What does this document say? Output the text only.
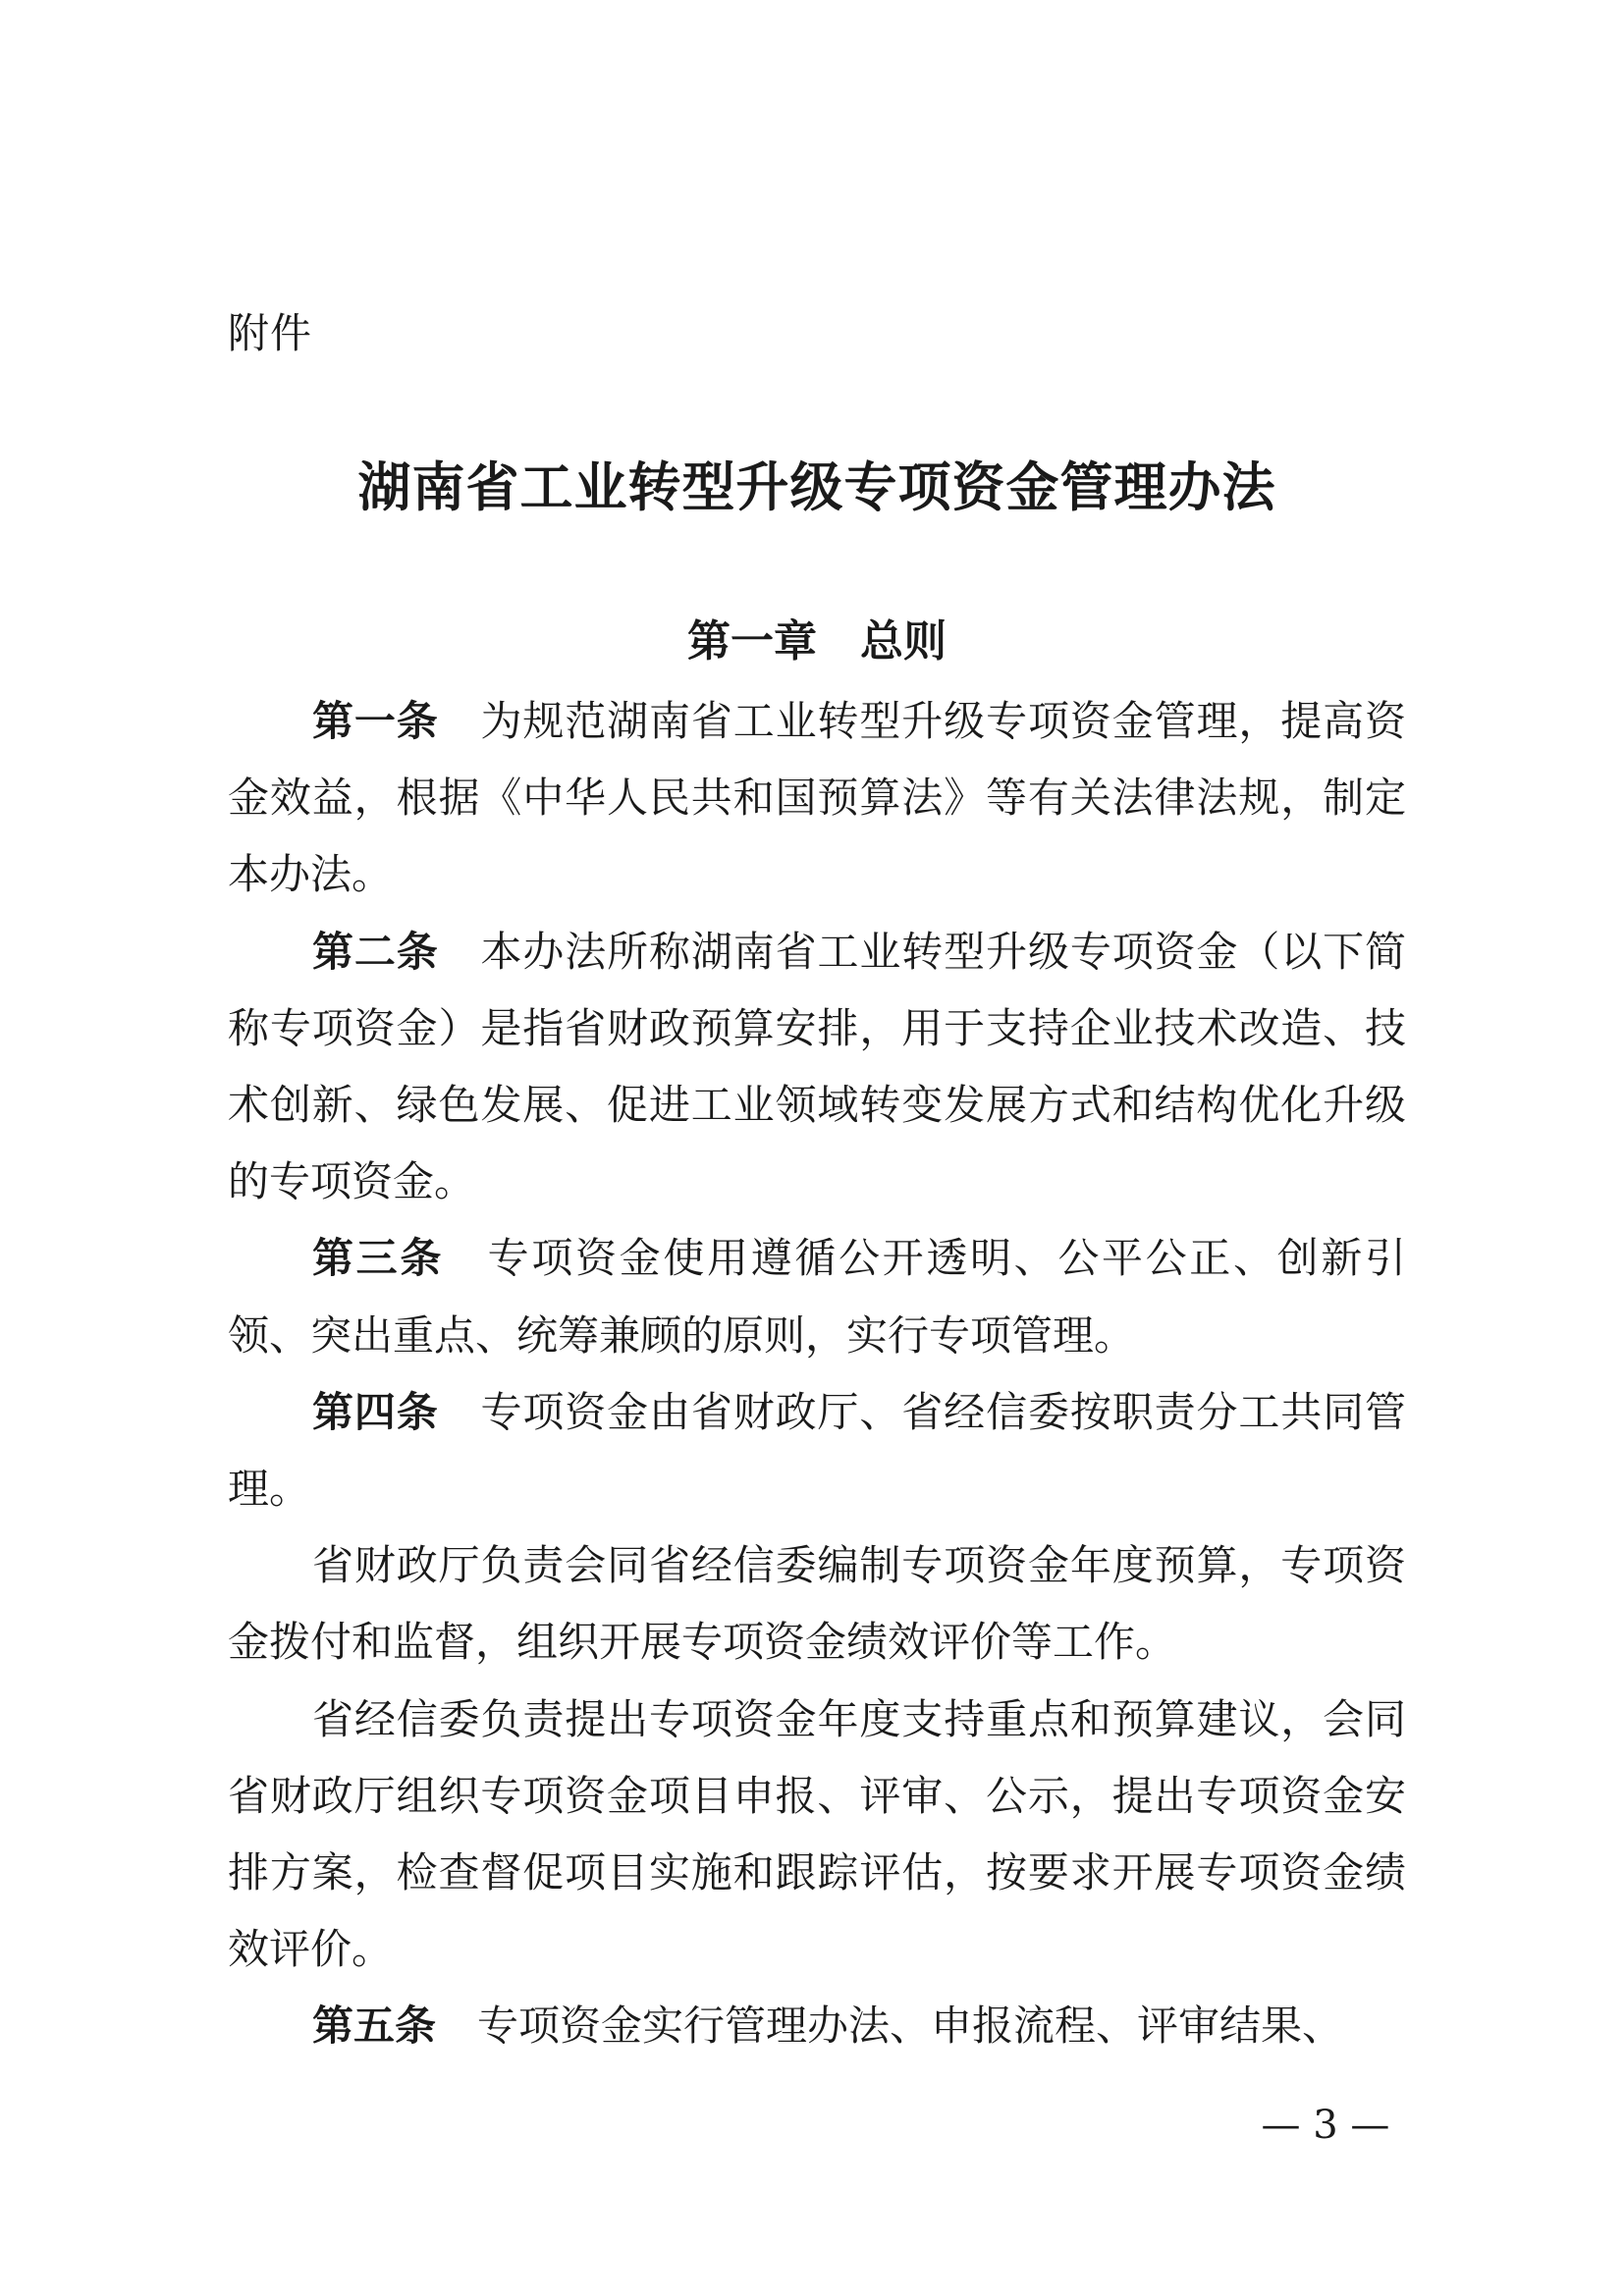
附件
湖南省工业转型升级专项资金管理办法
第一章 总则

第一条 为规范湖南省工业转型升级专项资金管理，提高资金效益，根据《中华人民共和国预算法》等有关法律法规，制定本办法。

第二条 本办法所称湖南省工业转型升级专项资金（以下简称专项资金）是指省财政预算安排，用于支持企业技术改造、技术创新、绿色发展、促进工业领域转变发展方式和结构优化升级的专项资金。

第三条 专项资金使用遵循公开透明、公平公正、创新引领、突出重点、统筹兼顾的原则，实行专项管理。

第四条 专项资金由省财政厅、省经信委按职责分工共同管理。

省财政厅负责会同省经信委编制专项资金年度预算，专项资金拨付和监督，组织开展专项资金绩效评价等工作。

省经信委负责提出专项资金年度支持重点和预算建议，会同省财政厅组织专项资金项目申报、评审、公示，提出专项资金安排方案，检查督促项目实施和跟踪评估，按要求开展专项资金绩效评价。

第五条 专项资金实行管理办法、申报流程、评审结果、

— 3 —
